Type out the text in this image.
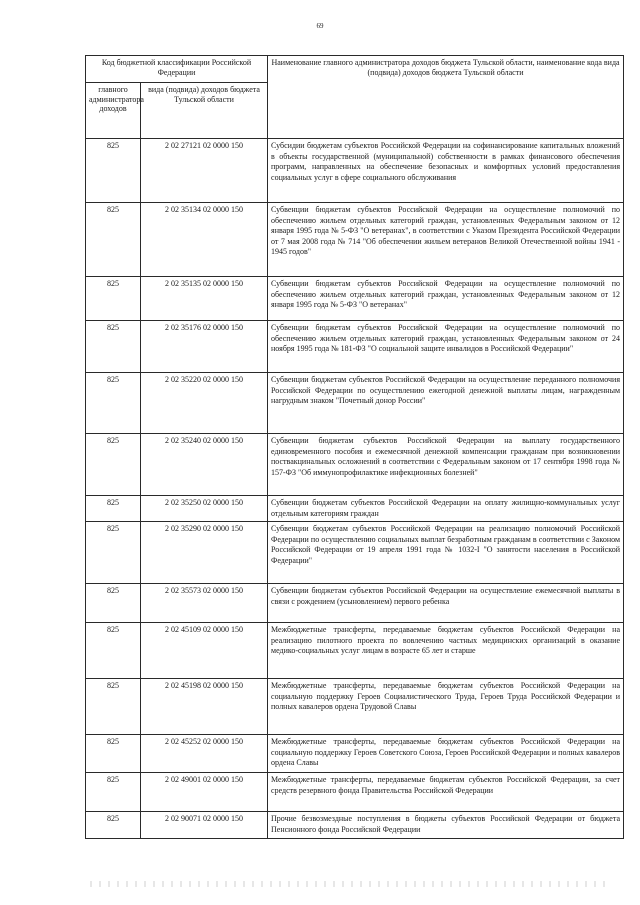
69
Код бюджетной классификации Российской Федерации		Наименование главного администратора доходов бюджета Тульской области, наименование кода вида (подвида) доходов бюджета Тульской области
главного администратора доходов	вида (подвида) доходов бюджета Тульской области	
825	2 02 27121 02 0000 150	Субсидии бюджетам субъектов Российской Федерации на софинансирование капитальных вложений в объекты государственной (муниципальной) собственности в рамках финансового обеспечения программ, направленных на обеспечение безопасных и комфортных условий предоставления социальных услуг в сфере социального обслуживания
825	2 02 35134 02 0000 150	Субвенции бюджетам субъектов Российской Федерации на осуществление полномочий по обеспечению жильем отдельных категорий граждан, установленных Федеральным законом от 12 января 1995 года № 5-ФЗ "О ветеранах", в соответствии с Указом Президента Российской Федерации от 7 мая 2008 года № 714 "Об обеспечении жильем ветеранов Великой Отечественной войны 1941 - 1945 годов"
825	2 02 35135 02 0000 150	Субвенции бюджетам субъектов Российской Федерации на осуществление полномочий по обеспечению жильем отдельных категорий граждан, установленных Федеральным законом от 12 января 1995 года № 5-ФЗ "О ветеранах"
825	2 02 35176 02 0000 150	Субвенции бюджетам субъектов Российской Федерации на осуществление полномочий по обеспечению жильем отдельных категорий граждан, установленных Федеральным законом от 24 ноября 1995 года № 181-ФЗ "О социальной защите инвалидов в Российской Федерации"
825	2 02 35220 02 0000 150	Субвенции бюджетам субъектов Российской Федерации на осуществление переданного полномочия Российской Федерации по осуществлению ежегодной денежной выплаты лицам, награжденным нагрудным знаком "Почетный донор России"
825	2 02 35240 02 0000 150	Субвенции бюджетам субъектов Российской Федерации на выплату государственного единовременного пособия и ежемесячной денежной компенсации гражданам при возникновении поствакцинальных осложнений в соответствии с Федеральным законом от 17 сентября 1998 года № 157-ФЗ "Об иммунопрофилактике инфекционных болезней"
825	2 02 35250 02 0000 150	Субвенции бюджетам субъектов Российской Федерации на оплату жилищно-коммунальных услуг отдельным категориям граждан
825	2 02 35290 02 0000 150	Субвенции бюджетам субъектов Российской Федерации на реализацию полномочий Российской Федерации по осуществлению социальных выплат безработным гражданам в соответствии с Законом Российской Федерации от 19 апреля 1991 года № 1032-I "О занятости населения в Российской Федерации"
825	2 02 35573 02 0000 150	Субвенции бюджетам субъектов Российской Федерации на осуществление ежемесячной выплаты в связи с рождением (усыновлением) первого ребенка
825	2 02 45109 02 0000 150	Межбюджетные трансферты, передаваемые бюджетам субъектов Российской Федерации на реализацию пилотного проекта по вовлечению частных медицинских организаций в оказание медико-социальных услуг лицам в возрасте 65 лет и старше
825	2 02 45198 02 0000 150	Межбюджетные трансферты, передаваемые бюджетам субъектов Российской Федерации на социальную поддержку Героев Социалистического Труда, Героев Труда Российской Федерации и полных кавалеров ордена Трудовой Славы
825	2 02 45252 02 0000 150	Межбюджетные трансферты, передаваемые бюджетам субъектов Российской Федерации на социальную поддержку Героев Советского Союза, Героев Российской Федерации и полных кавалеров ордена Славы
825	2 02 49001 02 0000 150	Межбюджетные трансферты, передаваемые бюджетам субъектов Российской Федерации, за счет средств резервного фонда Правительства Российской Федерации
825	2 02 90071 02 0000 150	Прочие безвозмездные поступления в бюджеты субъектов Российской Федерации от бюджета Пенсионного фонда Российской Федерации
